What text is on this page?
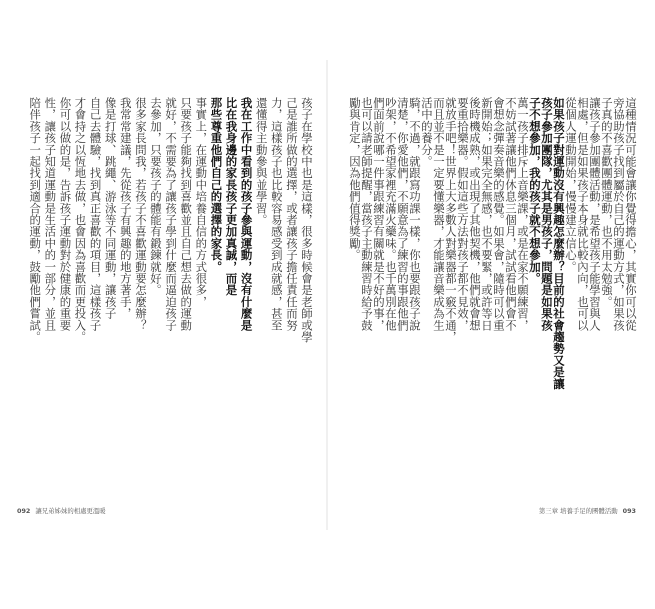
孩子在學校中也是這樣，很多時候會是老師或學
己是誰所做的選擇，或者讓孩子擔任責任而努
力，這樣孩子也比較容易感受到成就感，甚至
還懂得主動參與並學習。
我在工作中看到的孩子參與運動，沒有什麼是
比在我身邊的家長孩子更加真誠，而是
那些尊重他們自己的選擇的家長。
事實上，在運動中培養自信的方式很多，
只要孩子能夠找到喜歡並且自己想去做的運動
就好，不需要為了讓孩子學到什麼而逼迫孩子
去參加，只要孩子的體能有鍛鍊就好。
很多家長問我，若孩子不喜歡運動要怎麼辦？
我常常建議，先從孩子有興趣的地方著手，
像是打球、跳繩、游泳等不同運動，讓孩子
自己去體驗，找到真正喜歡的項目，這樣孩子
才會持之以恆地去做，也會因為喜歡而更投入。
你可以做的是，告訴孩子運動對於健康的重要
性，讓孩子知道運動是生活中的一部分，並且
陪伴孩子一起找到適合的運動，鼓勵他們嘗試。
092 讓兄弟姊妹的相處更溫暖
這種情況可能會讓你覺得擔心，其實你可以從
旁協助孩子找到屬於自己的運動方式，如果孩
子真的不喜歡團體運動，也不用太勉強。
讓孩子參加團體活動，是希望孩子能學習與人
相處，但是如果孩子本身就比較內向，也可以
從個人運動開始，慢慢建立信心。
如果孩子對運動沒有興趣怎麼辦？目前的社會趨勢又是讓
孩子參加團隊，尤其是男孩子，問題是如果孩
子不想參加，我的孩子就不想參加。
萬一孩子排斥上音樂課，或是在家不願練習，
不妨試著讓他們休息三個月，試試看他們會不
會想念彈奏音樂的感覺。如果會，隨時可以重
新開始；如果完全無感，也不要緊，或許等日
後時機成熟，或出現了其他契機，他們就會想
要重拾樂器。假如這些方法對孩子都不見效，
就放手吧！世界上大多數人對樂器都一竅不通，
而且並不是一定要懂樂器，才能讓音樂成為生
活中的養分。
騎，不過，就跟寫功課一樣，你也要跟孩子說
清楚，你愛他們，不願意為了練習的事跟他們
吵架，不希望家裡充滿火藥味。也千萬別在他
們面前說哪一件事跟練習有關就是不好的事，
也可以請老師提醒，當孩子主動練習時給予鼓
勵與肯定，因為他們值得獎勵。
第三章 培養手足的團體活動 093
